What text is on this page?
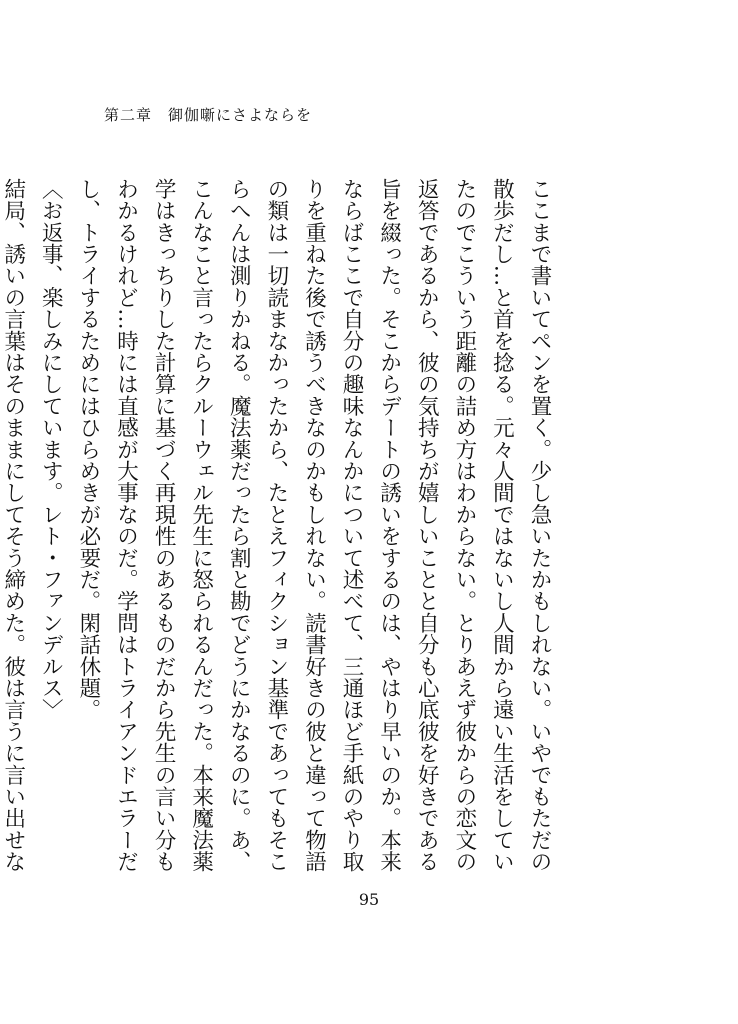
第二章　御伽噺にさよならを

ここまで書いてペンを置く。少し急いたかもしれない。いやでもただの散歩だし…と首を捻る。元々人間ではないし人間から遠い生活をしていたのでこういう距離の詰め方はわからない。とりあえず彼からの恋文の返答であるから、彼の気持ちが嬉しいことと自分も心底彼を好きである旨を綴った。そこからデートの誘いをするのは、やはり早いのか。本来ならばここで自分の趣味なんかについて述べて、三通ほど手紙のやり取りを重ねた後で誘うべきなのかもしれない。読書好きの彼と違って物語の類は一切読まなかったから、たとえフィクション基準であってもそこらへんは測りかねる。魔法薬だったら割と勘でどうにかなるのに。あ、こんなこと言ったらクルーウェル先生に怒られるんだった。本来魔法薬学はきっちりした計算に基づく再現性のあるものだから先生の言い分もわかるけれど…時には直感が大事なのだ。学問はトライアンドエラーだし、トライするためにはひらめきが必要だ。閑話休題。

〈お返事、楽しみにしています。レト・ファンデルス〉

結局、誘いの言葉はそのままにしてそう締めた。彼は言うに言い出せな

95
